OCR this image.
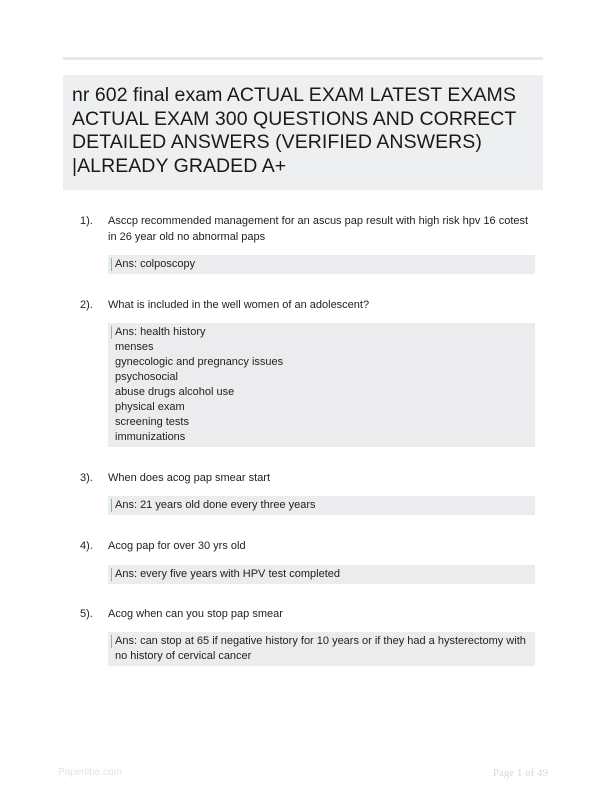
nr 602 final exam ACTUAL EXAM LATEST EXAMS ACTUAL EXAM 300 QUESTIONS AND CORRECT DETAILED ANSWERS (VERIFIED ANSWERS) |ALREADY GRADED A+
1). Asccp recommended management for an ascus pap result with high risk hpv 16 cotest in 26 year old no abnormal paps
Ans: colposcopy
2). What is included in the well women of an adolescent?
Ans: health history
menses
gynecologic and pregnancy issues
psychosocial
abuse drugs alcohol use
physical exam
screening tests
immunizations
3). When does acog pap smear start
Ans: 21 years old done every three years
4). Acog pap for over 30 yrs old
Ans: every five years with HPV test completed
5). Acog when can you stop pap smear
Ans: can stop at 65 if negative history for 10 years or if they had a hysterectomy with no history of cervical cancer
Paperlibe.com	Page 1 of 49
